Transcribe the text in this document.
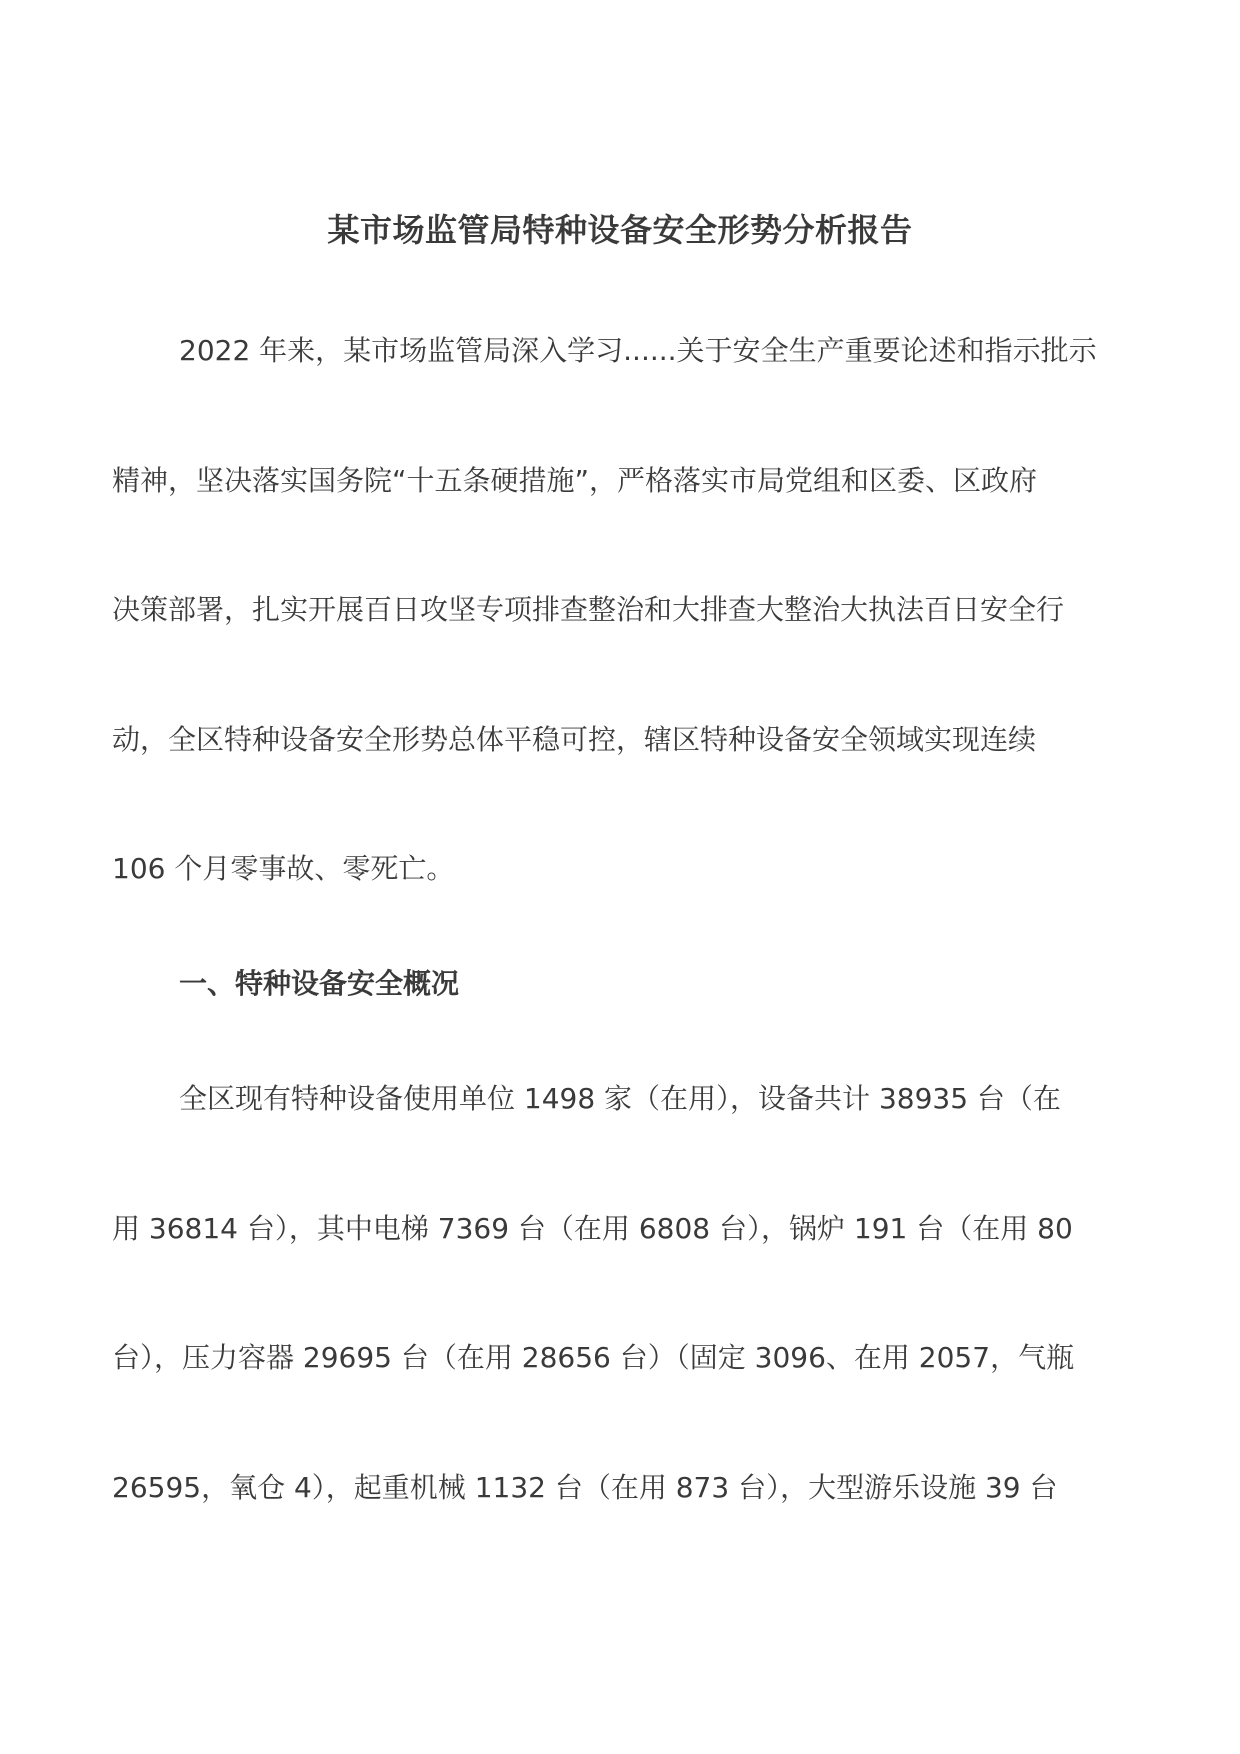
某市场监管局特种设备安全形势分析报告
2022 年来，某市场监管局深入学习......关于安全生产重要论述和指示批示
精神，坚决落实国务院“十五条硬措施”，严格落实市局党组和区委、区政府
决策部署，扎实开展百日攻坚专项排查整治和大排查大整治大执法百日安全行
动，全区特种设备安全形势总体平稳可控，辖区特种设备安全领域实现连续
106 个月零事故、零死亡。
一、特种设备安全概况
全区现有特种设备使用单位 1498 家（在用），设备共计 38935 台（在
用 36814 台），其中电梯 7369 台（在用 6808 台），锅炉 191 台（在用 80
台），压力容器 29695 台（在用 28656 台）（固定 3096、在用 2057，气瓶
26595，氧仓 4），起重机械 1132 台（在用 873 台），大型游乐设施 39 台
